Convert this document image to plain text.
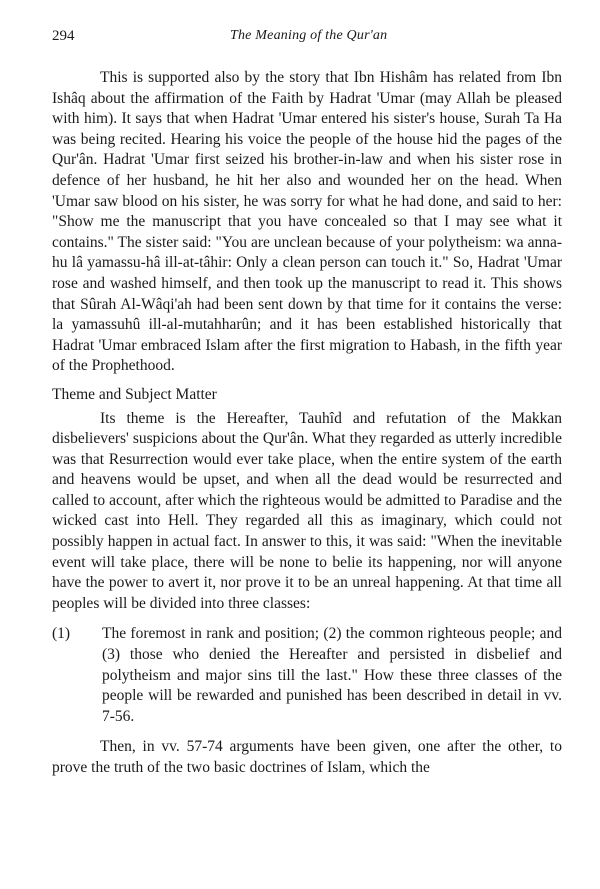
294	The Meaning of the Qur'an

This is supported also by the story that Ibn Hishâm has related from Ibn Ishâq about the affirmation of the Faith by Hadrat 'Umar (may Allah be pleased with him). It says that when Hadrat 'Umar entered his sister's house, Surah Ta Ha was being recited. Hearing his voice the people of the house hid the pages of the Qur'ân. Hadrat 'Umar first seized his brother-in-law and when his sister rose in defence of her husband, he hit her also and wounded her on the head. When 'Umar saw blood on his sister, he was sorry for what he had done, and said to her: "Show me the manuscript that you have concealed so that I may see what it contains." The sister said: "You are unclean because of your polytheism: wa anna-hu lâ yamassu-hâ ill-at-tâhir: Only a clean person can touch it." So, Hadrat 'Umar rose and washed himself, and then took up the manuscript to read it. This shows that Sûrah Al-Wâqi'ah had been sent down by that time for it contains the verse: la yamassuhû ill-al-mutahharûn; and it has been established historically that Hadrat 'Umar embraced Islam after the first migration to Habash, in the fifth year of the Prophethood.

Theme and Subject Matter

Its theme is the Hereafter, Tauhîd and refutation of the Makkan disbelievers' suspicions about the Qur'ân. What they regarded as utterly incredible was that Resurrection would ever take place, when the entire system of the earth and heavens would be upset, and when all the dead would be resurrected and called to account, after which the righteous would be admitted to Paradise and the wicked cast into Hell. They regarded all this as imaginary, which could not possibly happen in actual fact. In answer to this, it was said: "When the inevitable event will take place, there will be none to belie its happening, nor will anyone have the power to avert it, nor prove it to be an unreal happening. At that time all peoples will be divided into three classes:

(1)	The foremost in rank and position; (2) the common righteous people; and (3) those who denied the Hereafter and persisted in disbelief and polytheism and major sins till the last." How these three classes of the people will be rewarded and punished has been described in detail in vv. 7-56.

Then, in vv. 57-74 arguments have been given, one after the other, to prove the truth of the two basic doctrines of Islam, which the
